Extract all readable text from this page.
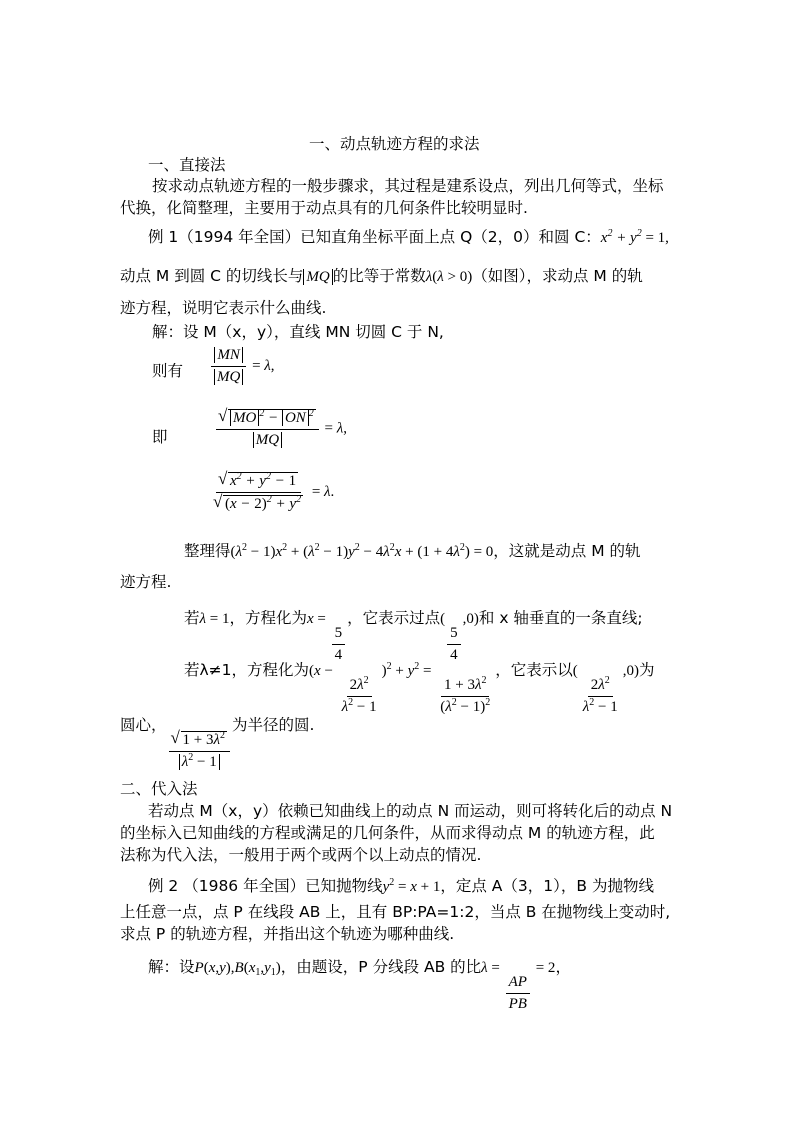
一、动点轨迹方程的求法
一、直接法
按求动点轨迹方程的一般步骤求，其过程是建系设点，列出几何等式，坐标
代换，化简整理，主要用于动点具有的几何条件比较明显时.
例 1（1994 年全国）已知直角坐标平面上点 Q（2，0）和圆 C：$x^2 + y^2 = 1$,
动点 M 到圆 C 的切线长与 MQ 的比等于常数λ(λ > 0)（如图），求动点 M 的轨
迹方程，说明它表示什么曲线.
解：设 M（x，y），直线 MN 切圆 C 于 N,
则有 $\frac{MN}{MQ} = \lambda$,
即
√	$\frac{MO ^2 - ON ^2}{MQ} = \lambda$,
√ $x^2 + y^2 - 1$
√ $(x - 2)^2 + y^2 = \lambda$.
整理得$(\lambda^2 - 1)x^2 + (\lambda^2 - 1)y^2 - 4\lambda^2x + (1 + 4\lambda^2) = 0$，这就是动点 M 的轨
迹方程.
若λ = 1，方程化为x =
$\frac{5}{4}$
，它表示过点(
$\frac{5}{4}$
,0)和 x 轴垂直的一条直线;
若λ≠1，方程化为(x −
$\frac{2\lambda^2}{\lambda^2 - 1}$
)$^2 + y^2$ =
$\frac{1 + 3\lambda^2}{(\lambda^2 - 1)^2}$
，它表示以(
$\frac{2\lambda^2}{\lambda^2 - 1}$
,0)为
圆心，
√ $\frac{1 + 3\lambda^2}{\lambda^2 - 1}$
为半径的圆.
二、代入法
若动点 M（x，y）依赖已知曲线上的动点 N 而运动，则可将转化后的动点 N
的坐标入已知曲线的方程或满足的几何条件，从而求得动点 M 的轨迹方程，此
法称为代入法，一般用于两个或两个以上动点的情况.
例 2 （1986 年全国）已知抛物线$y^2 = x + 1$，定点 A（3，1），B 为抛物线
上任意一点，点 P 在线段 AB 上，且有 BP:PA=1:2，当点 B 在抛物线上变动时,
求点 P 的轨迹方程，并指出这个轨迹为哪种曲线.
解：设$P(x,y),B(x_1,y_1)$，由题设，P 分线段 AB 的比λ =
$\frac{AP}{PB}$
= 2，
